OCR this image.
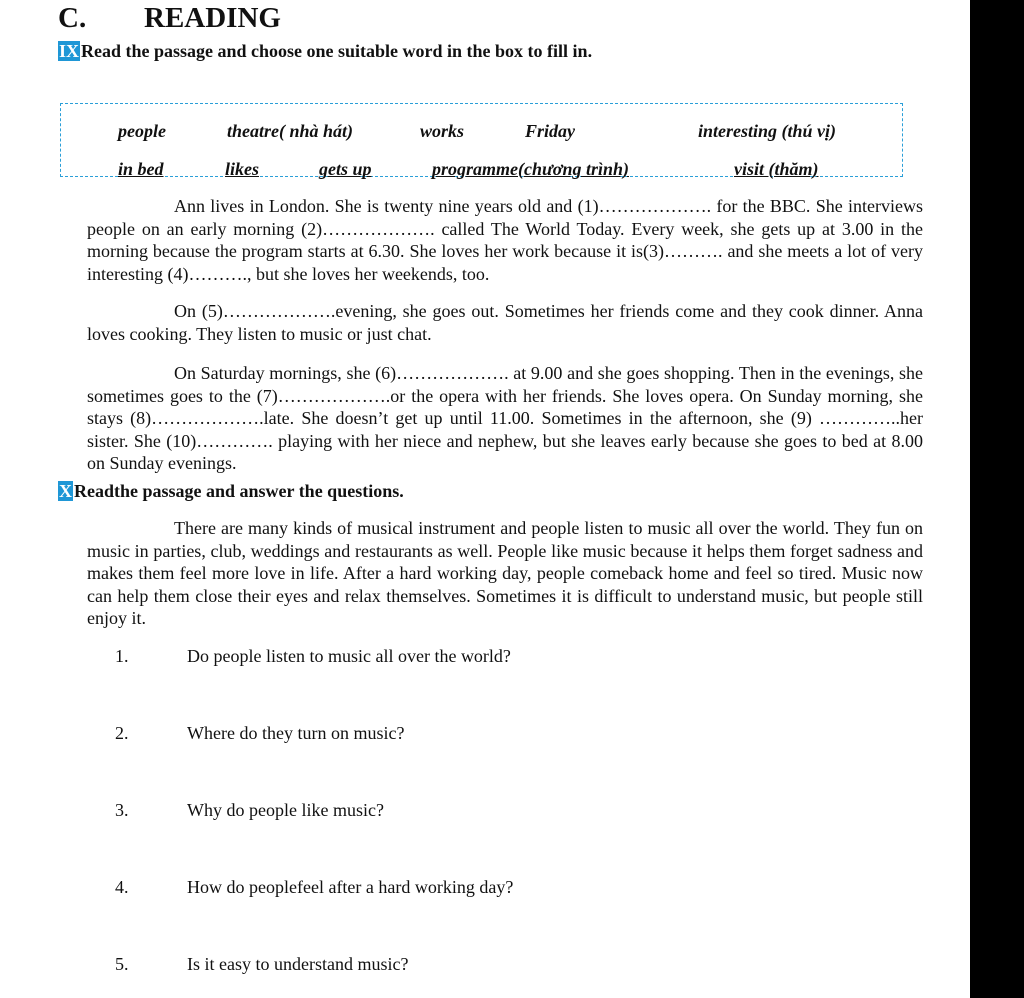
C. READING
IX Read the passage and choose one suitable word in the box to fill in.
people	theatre( nhà hát)	works	Friday	interesting (thú vị)
in bed	likes	gets up	programme(chương trình)	visit (thăm)

Ann lives in London. She is twenty nine years old and (1)………………. for the BBC. She interviews people on an early morning (2)………………. called The World Today. Every week, she gets up at 3.00 in the morning because the program starts at 6.30. She loves her work because it is(3)………. and she meets a lot of very interesting (4)………., but she loves her weekends, too.

On (5)……………….evening, she goes out. Sometimes her friends come and they cook dinner. Anna loves cooking. They listen to music or just chat.

On Saturday mornings, she (6)………………. at 9.00 and she goes shopping. Then in the evenings, she sometimes goes to the (7)……………….or the opera with her friends. She loves opera. On Sunday morning, she stays (8)……………….late. She doesn’t get up until 11.00. Sometimes in the afternoon, she (9) …………..her sister. She (10)…………. playing with her niece and nephew, but she leaves early because she goes to bed at 8.00 on Sunday evenings.

X Readthe passage and answer the questions.

There are many kinds of musical instrument and people listen to music all over the world. They fun on music in parties, club, weddings and restaurants as well. People like music because it helps them forget sadness and makes them feel more love in life. After a hard working day, people comeback home and feel so tired. Music now can help them close their eyes and relax themselves. Sometimes it is difficult to understand music, but people still enjoy it.

1.	Do people listen to music all over the world?
2.	Where do they turn on music?
3.	Why do people like music?
4.	How do peoplefeel after a hard working day?
5.	Is it easy to understand music?
